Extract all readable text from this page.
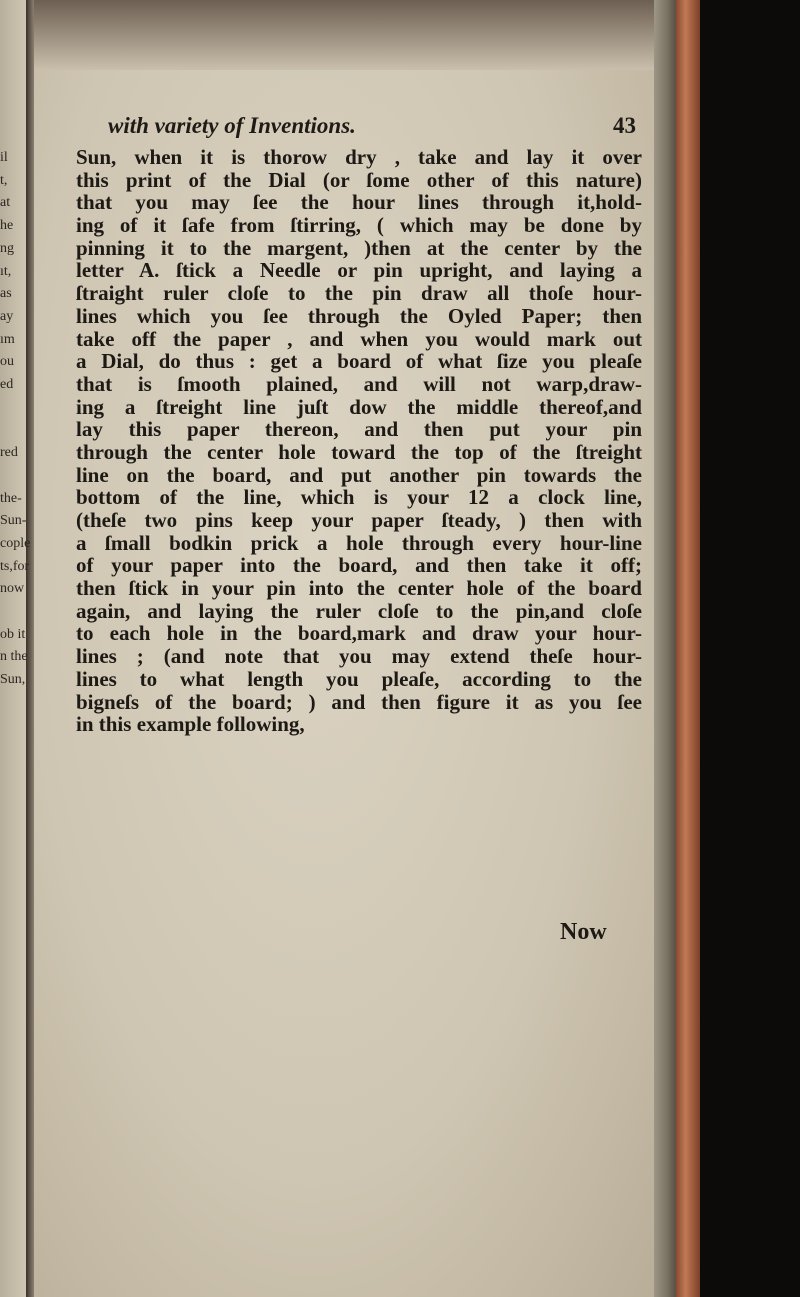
il
t,
at
he
ng
ıt,
as
ay
ım
ou
ed
red
the-
Sun-
cople
ts,for
now
ob it
n the
Sun,
with variety of Inventions.	43
Sun, when it is thorow dry , take and lay it over
this print of the Dial (or ſome other of this nature)
that you may ſee the hour lines through it,hold-
ing of it ſafe from ſtirring, ( which may be done by
pinning it to the margent, )then at the center by the
letter A. ſtick a Needle or pin upright, and laying a
ſtraight ruler cloſe to the pin draw all thoſe hour-
lines which you ſee through the Oyled Paper; then
take off the paper , and when you would mark out
a Dial, do thus : get a board of what ſize you pleaſe
that is ſmooth plained, and will not warp,draw-
ing a ſtreight line juſt dow the middle thereof,and
lay this paper thereon, and then put your pin
through the center hole toward the top of the ſtreight
line on the board, and put another pin towards the
bottom of the line, which is your 12 a clock line,
(theſe two pins keep your paper ſteady, ) then with
a ſmall bodkin prick a hole through every hour-line
of your paper into the board, and then take it off;
then ſtick in your pin into the center hole of the board
again, and laying the ruler cloſe to the pin,and cloſe
to each hole in the board,mark and draw your hour-
lines ; (and note that you may extend theſe hour-
lines to what length you pleaſe, according to the
bigneſs of the board; ) and then figure it as you ſee
in this example following,
Now
